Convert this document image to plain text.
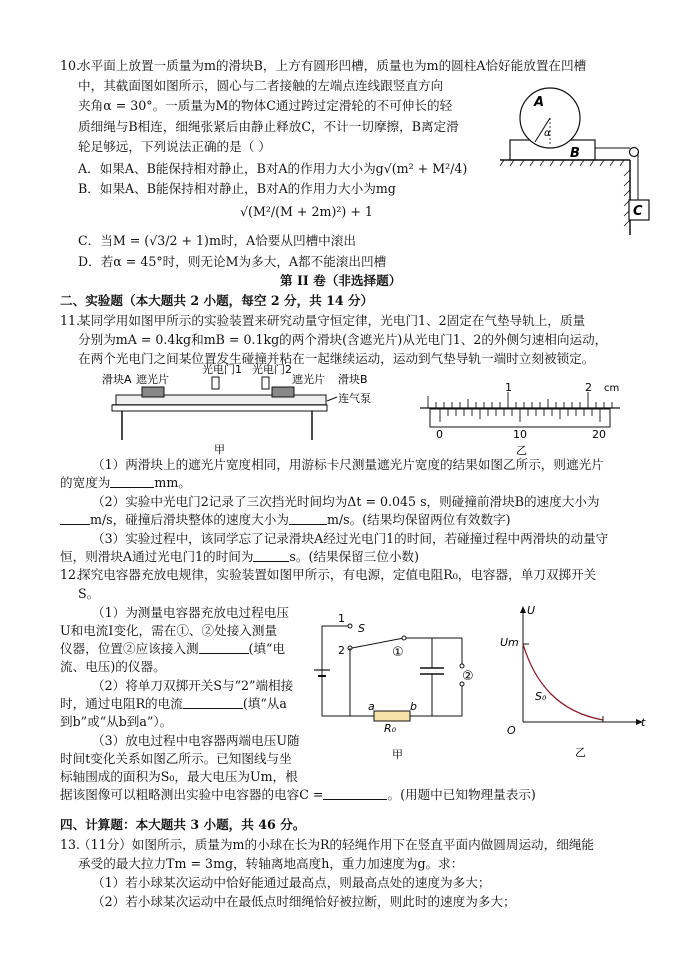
10.
水平面上放置一质量为m的滑块B，上方有圆形凹槽，质量也为m的圆柱A恰好能放置在凹槽
中，其截面图如图所示，圆心与二者接触的左端点连线跟竖直方向
夹角α = 30°。一质量为M的物体C通过跨过定滑轮的不可伸长的轻
质细绳与B相连，细绳张紧后由静止释放C，不计一切摩擦，B离定滑
轮足够远，下列说法正确的是（ ）
A．如果A、B能保持相对静止，B对A的作用力大小为g√(m² + M²/4)
B．如果A、B能保持相对静止，B对A的作用力大小为mg
√(M²/(M + 2m)²) + 1
C．当M = (√3/2 + 1)m时，A恰要从凹槽中滚出
D．若α = 45°时，则无论M为多大，A都不能滚出凹槽
A
α
B
C
第 II 卷（非选择题）
二、实验题（本大题共 2 小题，每空 2 分，共 14 分）
11.
某同学用如图甲所示的实验装置来研究动量守恒定律，光电门1、2固定在气垫导轨上，质量
分别为mA = 0.4kg和mB = 0.1kg的两个滑块(含遮光片)从光电门1、2的外侧匀速相向运动，
在两个光电门之间某位置发生碰撞并粘在一起继续运动，运动到气垫导轨一端时立刻被锁定。
滑块A 遮光片
光电门1 光电门2
遮光片 滑块B
连气泵
甲
1	2 cm
0	10	20
乙
（1）两滑块上的遮光片宽度相同，用游标卡尺测量遮光片宽度的结果如图乙所示，则遮光片
的宽度为	mm。
（2）实验中光电门2记录了三次挡光时间均为Δt = 0.045 s，则碰撞前滑块B的速度大小为
m/s，碰撞后滑块整体的速度大小为	m/s。(结果均保留两位有效数字)
（3）实验过程中，该同学忘了记录滑块A经过光电门1的时间，若碰撞过程中两滑块的动量守
恒，则滑块A通过光电门1的时间为	s。(结果保留三位小数)
12.
探究电容器充放电规律，实验装置如图甲所示，有电源，定值电阻R₀，电容器，单刀双掷开关
S。
（1）为测量电容器充放电过程电压
U和电流I变化，需在①、②处接入测量
仪器，位置②应该接入测	(填“电
流、电压)的仪器。
（2）将单刀双掷开关S与“2”端相接
时，通过电阻R的电流	(填“从a
到b”或“从b到a”）。
（3）放电过程中电容器两端电压U随
时间t变化关系如图乙所示。已知图线与坐
标轴围成的面积为S₀，最大电压为Um，根
据该图像可以粗略测出实验中电容器的电容C =	。(用题中已知物理量表示)
1
2
S
①
②
a
R₀
b
甲
U
t
O
Um
S₀
乙
四、计算题：本大题共 3 小题，共 46 分。
13.
（11分）如图所示，质量为m的小球在长为R的轻绳作用下在竖直平面内做圆周运动，细绳能
承受的最大拉力Tm = 3mg，转轴离地高度h，重力加速度为g。求：
（1）若小球某次运动中恰好能通过最高点，则最高点处的速度为多大；
（2）若小球某次运动中在最低点时细绳恰好被拉断，则此时的速度为多大；
